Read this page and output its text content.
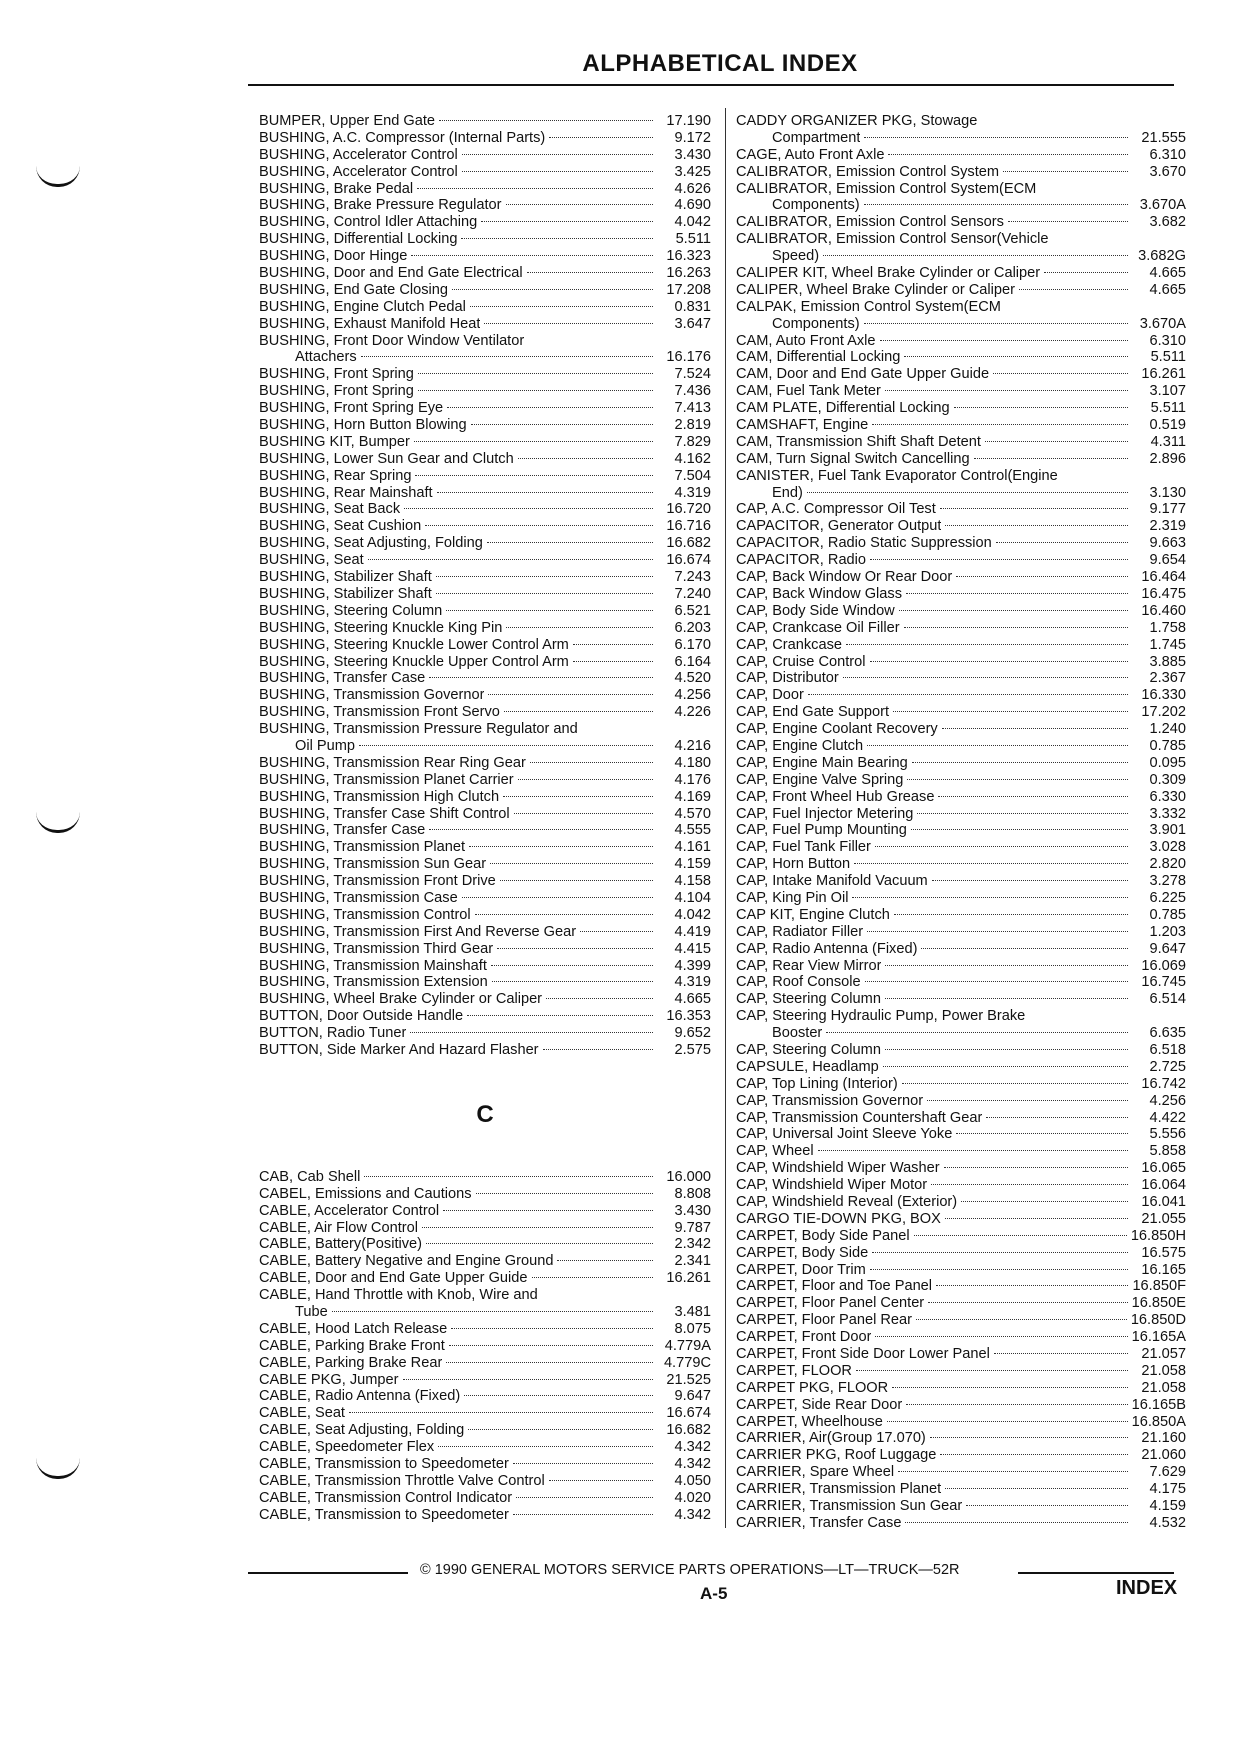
ALPHABETICAL INDEX
BUMPER, Upper End Gate	17.190
BUSHING, A.C. Compressor (Internal Parts)	9.172
BUSHING, Accelerator Control	3.430
BUSHING, Accelerator Control	3.425
BUSHING, Brake Pedal	4.626
BUSHING, Brake Pressure Regulator	4.690
BUSHING, Control Idler Attaching	4.042
BUSHING, Differential Locking	5.511
BUSHING, Door Hinge	16.323
BUSHING, Door and End Gate Electrical	16.263
BUSHING, End Gate Closing	17.208
BUSHING, Engine Clutch Pedal	0.831
BUSHING, Exhaust Manifold Heat	3.647
BUSHING, Front Door Window Ventilator
Attachers	16.176
BUSHING, Front Spring	7.524
BUSHING, Front Spring	7.436
BUSHING, Front Spring Eye	7.413
BUSHING, Horn Button Blowing	2.819
BUSHING KIT, Bumper	7.829
BUSHING, Lower Sun Gear and Clutch	4.162
BUSHING, Rear Spring	7.504
BUSHING, Rear Mainshaft	4.319
BUSHING, Seat Back	16.720
BUSHING, Seat Cushion	16.716
BUSHING, Seat Adjusting, Folding	16.682
BUSHING, Seat	16.674
BUSHING, Stabilizer Shaft	7.243
BUSHING, Stabilizer Shaft	7.240
BUSHING, Steering Column	6.521
BUSHING, Steering Knuckle King Pin	6.203
BUSHING, Steering Knuckle Lower Control Arm	6.170
BUSHING, Steering Knuckle Upper Control Arm	6.164
BUSHING, Transfer Case	4.520
BUSHING, Transmission Governor	4.256
BUSHING, Transmission Front Servo	4.226
BUSHING, Transmission Pressure Regulator and
Oil Pump	4.216
BUSHING, Transmission Rear Ring Gear	4.180
BUSHING, Transmission Planet Carrier	4.176
BUSHING, Transmission High Clutch	4.169
BUSHING, Transfer Case Shift Control	4.570
BUSHING, Transfer Case	4.555
BUSHING, Transmission Planet	4.161
BUSHING, Transmission Sun Gear	4.159
BUSHING, Transmission Front Drive	4.158
BUSHING, Transmission Case	4.104
BUSHING, Transmission Control	4.042
BUSHING, Transmission First And Reverse Gear	4.419
BUSHING, Transmission Third Gear	4.415
BUSHING, Transmission Mainshaft	4.399
BUSHING, Transmission Extension	4.319
BUSHING, Wheel Brake Cylinder or Caliper	4.665
BUTTON, Door Outside Handle	16.353
BUTTON, Radio Tuner	9.652
BUTTON, Side Marker And Hazard Flasher	2.575
C
CAB, Cab Shell	16.000
CABEL, Emissions and Cautions	8.808
CABLE, Accelerator Control	3.430
CABLE, Air Flow Control	9.787
CABLE, Battery(Positive)	2.342
CABLE, Battery Negative and Engine Ground	2.341
CABLE, Door and End Gate Upper Guide	16.261
CABLE, Hand Throttle with Knob, Wire and
Tube	3.481
CABLE, Hood Latch Release	8.075
CABLE, Parking Brake Front	4.779A
CABLE, Parking Brake Rear	4.779C
CABLE PKG, Jumper	21.525
CABLE, Radio Antenna (Fixed)	9.647
CABLE, Seat	16.674
CABLE, Seat Adjusting, Folding	16.682
CABLE, Speedometer Flex	4.342
CABLE, Transmission to Speedometer	4.342
CABLE, Transmission Throttle Valve Control	4.050
CABLE, Transmission Control Indicator	4.020
CABLE, Transmission to Speedometer	4.342
CADDY ORGANIZER PKG, Stowage
Compartment	21.555
CAGE, Auto Front Axle	6.310
CALIBRATOR, Emission Control System	3.670
CALIBRATOR, Emission Control System(ECM
Components)	3.670A
CALIBRATOR, Emission Control Sensors	3.682
CALIBRATOR, Emission Control Sensor(Vehicle
Speed)	3.682G
CALIPER KIT, Wheel Brake Cylinder or Caliper	4.665
CALIPER, Wheel Brake Cylinder or Caliper	4.665
CALPAK, Emission Control System(ECM
Components)	3.670A
CAM, Auto Front Axle	6.310
CAM, Differential Locking	5.511
CAM, Door and End Gate Upper Guide	16.261
CAM, Fuel Tank Meter	3.107
CAM PLATE, Differential Locking	5.511
CAMSHAFT, Engine	0.519
CAM, Transmission Shift Shaft Detent	4.311
CAM, Turn Signal Switch Cancelling	2.896
CANISTER, Fuel Tank Evaporator Control(Engine
End)	3.130
CAP, A.C. Compressor Oil Test	9.177
CAPACITOR, Generator Output	2.319
CAPACITOR, Radio Static Suppression	9.663
CAPACITOR, Radio	9.654
CAP, Back Window Or Rear Door	16.464
CAP, Back Window Glass	16.475
CAP, Body Side Window	16.460
CAP, Crankcase Oil Filler	1.758
CAP, Crankcase	1.745
CAP, Cruise Control	3.885
CAP, Distributor	2.367
CAP, Door	16.330
CAP, End Gate Support	17.202
CAP, Engine Coolant Recovery	1.240
CAP, Engine Clutch	0.785
CAP, Engine Main Bearing	0.095
CAP, Engine Valve Spring	0.309
CAP, Front Wheel Hub Grease	6.330
CAP, Fuel Injector Metering	3.332
CAP, Fuel Pump Mounting	3.901
CAP, Fuel Tank Filler	3.028
CAP, Horn Button	2.820
CAP, Intake Manifold Vacuum	3.278
CAP, King Pin Oil	6.225
CAP KIT, Engine Clutch	0.785
CAP, Radiator Filler	1.203
CAP, Radio Antenna (Fixed)	9.647
CAP, Rear View Mirror	16.069
CAP, Roof Console	16.745
CAP, Steering Column	6.514
CAP, Steering Hydraulic Pump, Power Brake
Booster	6.635
CAP, Steering Column	6.518
CAPSULE, Headlamp	2.725
CAP, Top Lining (Interior)	16.742
CAP, Transmission Governor	4.256
CAP, Transmission Countershaft Gear	4.422
CAP, Universal Joint Sleeve Yoke	5.556
CAP, Wheel	5.858
CAP, Windshield Wiper Washer	16.065
CAP, Windshield Wiper Motor	16.064
CAP, Windshield Reveal (Exterior)	16.041
CARGO TIE-DOWN PKG, BOX	21.055
CARPET, Body Side Panel	16.850H
CARPET, Body Side	16.575
CARPET, Door Trim	16.165
CARPET, Floor and Toe Panel	16.850F
CARPET, Floor Panel Center	16.850E
CARPET, Floor Panel Rear	16.850D
CARPET, Front Door	16.165A
CARPET, Front Side Door Lower Panel	21.057
CARPET, FLOOR	21.058
CARPET PKG, FLOOR	21.058
CARPET, Side Rear Door	16.165B
CARPET, Wheelhouse	16.850A
CARRIER, Air(Group 17.070)	21.160
CARRIER PKG, Roof Luggage	21.060
CARRIER, Spare Wheel	7.629
CARRIER, Transmission Planet	4.175
CARRIER, Transmission Sun Gear	4.159
CARRIER, Transfer Case	4.532
© 1990 GENERAL MOTORS SERVICE PARTS OPERATIONS—LT—TRUCK—52R
A-5	INDEX
